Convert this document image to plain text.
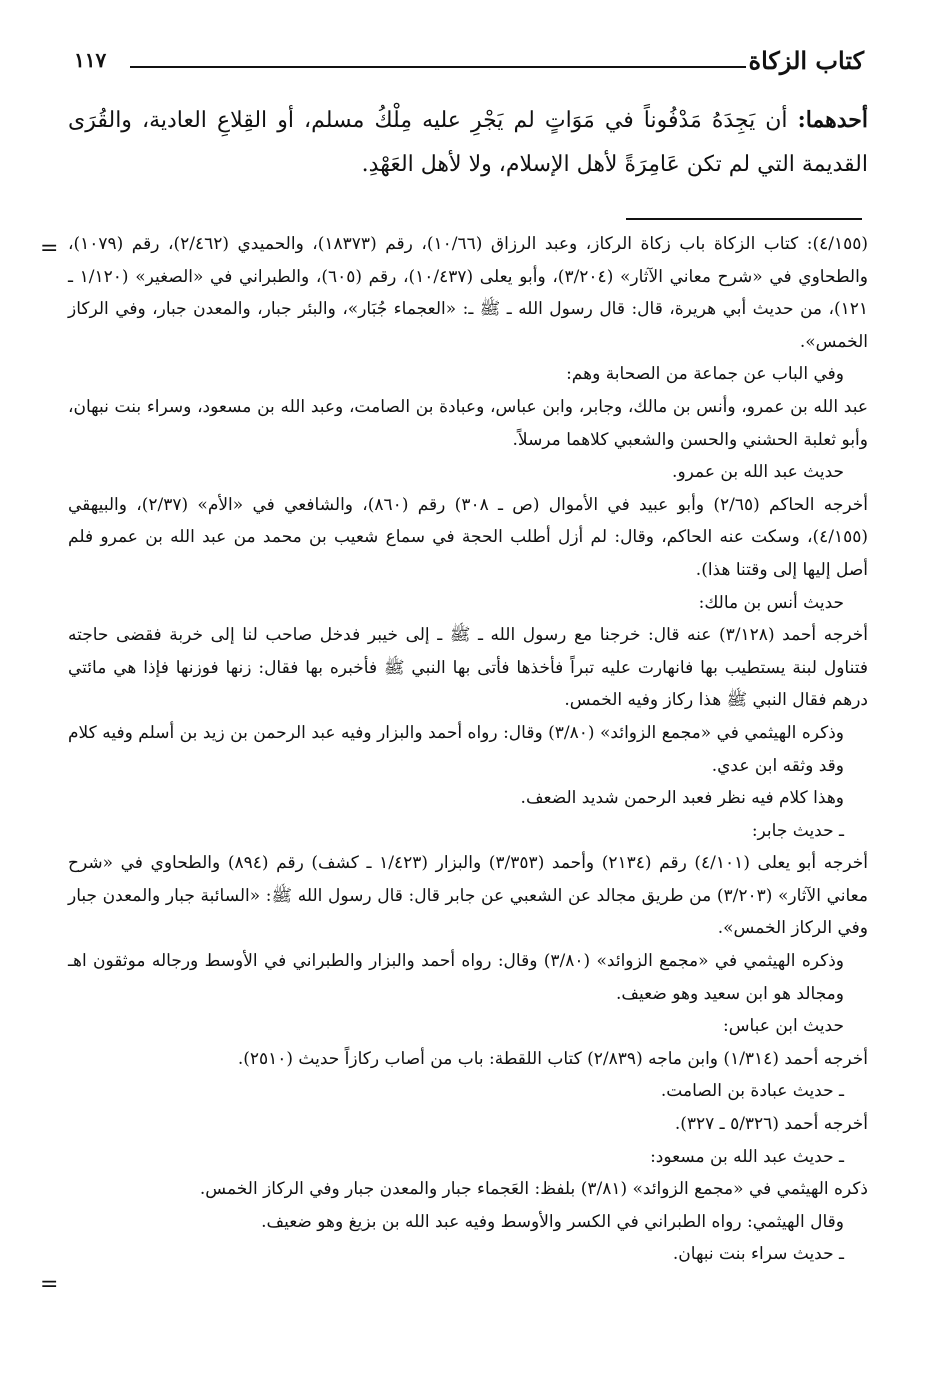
كتاب الزكاة
١١٧
أحدهما: أن يَجِدَهُ مَدْفُوناً في مَوَاتٍ لم يَجْرِ عليه مِلْكُ مسلم، أو القِلاعِ العادية، والقُرَى القديمة التي لم تكن عَامِرَةً لأهل الإسلام، ولا لأهل العَهْدِ.
= (٤/١٥٥): كتاب الزكاة باب زكاة الركاز، وعبد الرزاق (١٠/٦٦)، رقم (١٨٣٧٣)، والحميدي (٢/٤٦٢)، رقم (١٠٧٩)، والطحاوي في «شرح معاني الآثار» (٣/٢٠٤)، وأبو يعلى (١٠/٤٣٧)، رقم (٦٠٥)، والطبراني في «الصغير» (١/١٢٠ ـ ١٢١)، من حديث أبي هريرة، قال: قال رسول الله ـ ﷺ ـ: «العجماء جُبَار»، والبئر جبار، والمعدن جبار، وفي الركاز الخمس».

وفي الباب عن جماعة من الصحابة وهم:

عبد الله بن عمرو، وأنس بن مالك، وجابر، وابن عباس، وعبادة بن الصامت، وعبد الله بن مسعود، وسراء بنت نبهان، وأبو ثعلبة الحشني والحسن والشعبي كلاهما مرسلاً.

حديث عبد الله بن عمرو.

أخرجه الحاكم (٢/٦٥) وأبو عبيد في الأموال (ص ـ ٣٠٨) رقم (٨٦٠)، والشافعي في «الأم» (٢/٣٧)، والبيهقي (٤/١٥٥)، وسكت عنه الحاكم، وقال: لم أزل أطلب الحجة في سماع شعيب بن محمد من عبد الله بن عمرو فلم أصل إليها إلى وقتنا هذا).

حديث أنس بن مالك:

أخرجه أحمد (٣/١٢٨) عنه قال: خرجنا مع رسول الله ـ ﷺ ـ إلى خيبر فدخل صاحب لنا إلى خربة فقضى حاجته فتناول لبنة يستطيب بها فانهارت عليه تبراً فأخذها فأتى بها النبي ﷺ فأخبره بها فقال: زنها فوزنها فإذا هي مائتي درهم فقال النبي ﷺ هذا ركاز وفيه الخمس.

وذكره الهيثمي في «مجمع الزوائد» (٣/٨٠) وقال: رواه أحمد والبزار وفيه عبد الرحمن بن زيد بن أسلم وفيه كلام وقد وثقه ابن عدي.

وهذا كلام فيه نظر فعبد الرحمن شديد الضعف.

ـ حديث جابر:

أخرجه أبو يعلى (٤/١٠١) رقم (٢١٣٤) وأحمد (٣/٣٥٣) والبزار (١/٤٢٣ ـ كشف) رقم (٨٩٤) والطحاوي في «شرح معاني الآثار» (٣/٢٠٣) من طريق مجالد عن الشعبي عن جابر قال: قال رسول الله ﷺ: «السائبة جبار والمعدن جبار وفي الركاز الخمس».

وذكره الهيثمي في «مجمع الزوائد» (٣/٨٠) وقال: رواه أحمد والبزار والطبراني في الأوسط ورجاله موثقون اهـ ومجالد هو ابن سعيد وهو ضعيف.

حديث ابن عباس:

أخرجه أحمد (١/٣١٤) وابن ماجه (٢/٨٣٩) كتاب اللقطة: باب من أصاب ركازاً حديث (٢٥١٠).

ـ حديث عبادة بن الصامت.

أخرجه أحمد (٥/٣٢٦ ـ ٣٢٧).

ـ حديث عبد الله بن مسعود:

ذكره الهيثمي في «مجمع الزوائد» (٣/٨١) بلفظ: العَجماء جبار والمعدن جبار وفي الركاز الخمس.

وقال الهيثمي: رواه الطبراني في الكسر والأوسط وفيه عبد الله بن بزيغ وهو ضعيف.

ـ حديث سراء بنت نبهان.

=
